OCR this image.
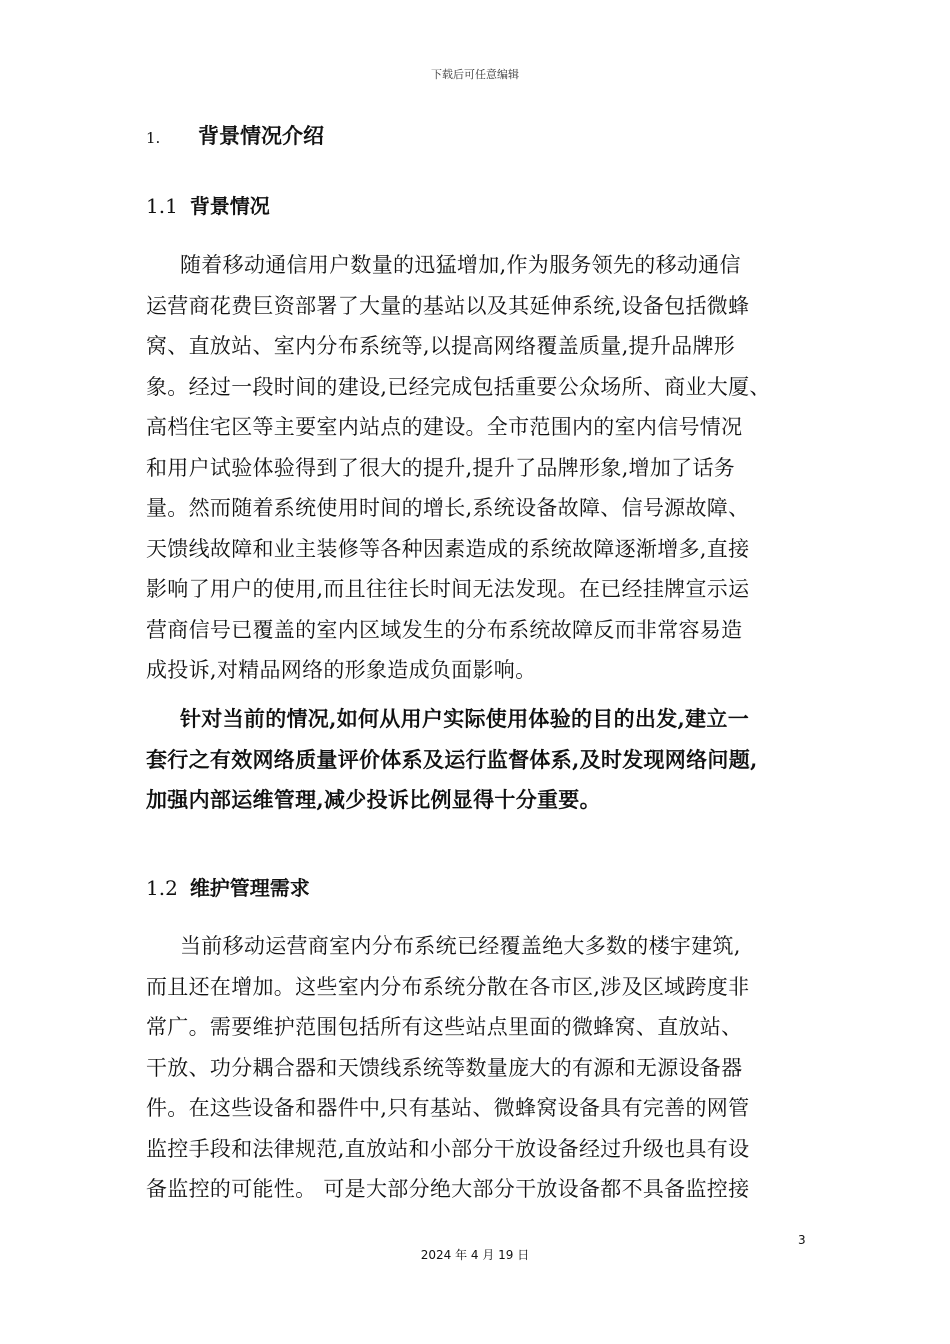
下载后可任意编辑
1.	背景情况介绍
1.1 背景情况
随着移动通信用户数量的迅猛增加,作为服务领先的移动通信
运营商花费巨资部署了大量的基站以及其延伸系统,设备包括微蜂
窝、直放站、室内分布系统等,以提高网络覆盖质量,提升品牌形
象。经过一段时间的建设,已经完成包括重要公众场所、商业大厦、
高档住宅区等主要室内站点的建设。全市范围内的室内信号情况
和用户试验体验得到了很大的提升,提升了品牌形象,增加了话务
量。然而随着系统使用时间的增长,系统设备故障、信号源故障、
天馈线故障和业主装修等各种因素造成的系统故障逐渐增多,直接
影响了用户的使用,而且往往长时间无法发现。在已经挂牌宣示运
营商信号已覆盖的室内区域发生的分布系统故障反而非常容易造
成投诉,对精品网络的形象造成负面影响。
针对当前的情况,如何从用户实际使用体验的目的出发,建立一
套行之有效网络质量评价体系及运行监督体系,及时发现网络问题,
加强内部运维管理,减少投诉比例显得十分重要。
1.2 维护管理需求
当前移动运营商室内分布系统已经覆盖绝大多数的楼宇建筑,
而且还在增加。这些室内分布系统分散在各市区,涉及区域跨度非
常广。需要维护范围包括所有这些站点里面的微蜂窝、直放站、
干放、功分耦合器和天馈线系统等数量庞大的有源和无源设备器
件。在这些设备和器件中,只有基站、微蜂窝设备具有完善的网管
监控手段和法律规范,直放站和小部分干放设备经过升级也具有设
备监控的可能性。 可是大部分绝大部分干放设备都不具备监控接
3
2024 年 4 月 19 日
